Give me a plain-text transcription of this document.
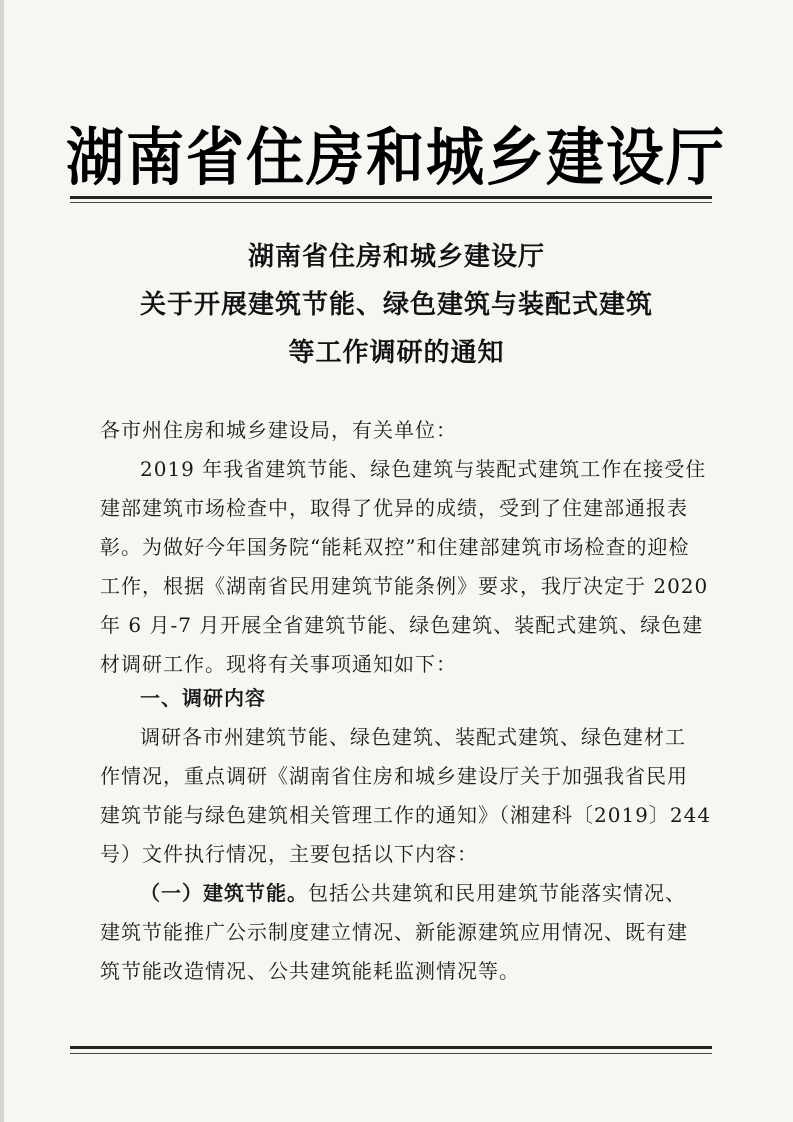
湖南省住房和城乡建设厅
湖南省住房和城乡建设厅
关于开展建筑节能、绿色建筑与装配式建筑
等工作调研的通知
各市州住房和城乡建设局，有关单位：
2019 年我省建筑节能、绿色建筑与装配式建筑工作在接受住
建部建筑市场检查中，取得了优异的成绩，受到了住建部通报表
彰。为做好今年国务院“能耗双控”和住建部建筑市场检查的迎检
工作，根据《湖南省民用建筑节能条例》要求，我厅决定于 2020
年 6 月-7 月开展全省建筑节能、绿色建筑、装配式建筑、绿色建
材调研工作。现将有关事项通知如下：
一、调研内容
调研各市州建筑节能、绿色建筑、装配式建筑、绿色建材工
作情况，重点调研《湖南省住房和城乡建设厅关于加强我省民用
建筑节能与绿色建筑相关管理工作的通知》（湘建科〔2019〕244
号）文件执行情况，主要包括以下内容：
（一）建筑节能。包括公共建筑和民用建筑节能落实情况、
建筑节能推广公示制度建立情况、新能源建筑应用情况、既有建
筑节能改造情况、公共建筑能耗监测情况等。
